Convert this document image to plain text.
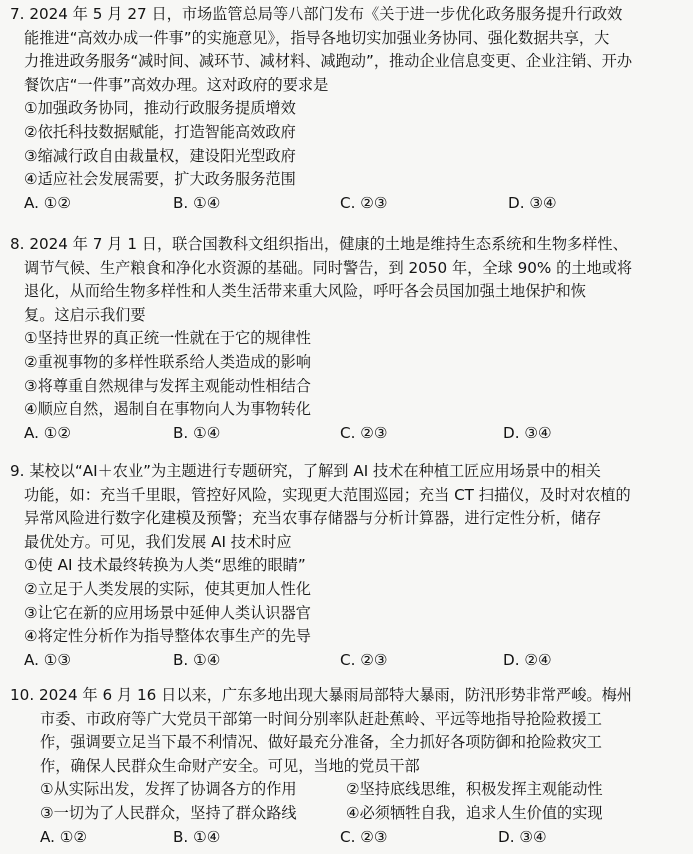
7. 2024 年 5 月 27 日，市场监管总局等八部门发布《关于进一步优化政务服务提升行政效
能推进“高效办成一件事”的实施意见》，指导各地切实加强业务协同、强化数据共享，大
力推进政务服务“减时间、减环节、减材料、减跑动”，推动企业信息变更、企业注销、开办
餐饮店“一件事”高效办理。这对政府的要求是
①加强政务协同，推动行政服务提质增效
②依托科技数据赋能，打造智能高效政府
③缩减行政自由裁量权，建设阳光型政府
④适应社会发展需要，扩大政务服务范围
A. ①②	B. ①④	C. ②③	D. ③④
8. 2024 年 7 月 1 日，联合国教科文组织指出，健康的土地是维持生态系统和生物多样性、
调节气候、生产粮食和净化水资源的基础。同时警告，到 2050 年，全球 90% 的土地或将
退化，从而给生物多样性和人类生活带来重大风险，呼吁各会员国加强土地保护和恢
复。这启示我们要
①坚持世界的真正统一性就在于它的规律性
②重视事物的多样性联系给人类造成的影响
③将尊重自然规律与发挥主观能动性相结合
④顺应自然，遏制自在事物向人为事物转化
A. ①②	B. ①④	C. ②③	D. ③④
9. 某校以“AI＋农业”为主题进行专题研究，了解到 AI 技术在种植工匠应用场景中的相关
功能，如：充当千里眼，管控好风险，实现更大范围巡园；充当 CT 扫描仪，及时对农植的
异常风险进行数字化建模及预警；充当农事存储器与分析计算器，进行定性分析，储存
最优处方。可见，我们发展 AI 技术时应
①使 AI 技术最终转换为人类“思维的眼睛”
②立足于人类发展的实际，使其更加人性化
③让它在新的应用场景中延伸人类认识器官
④将定性分析作为指导整体农事生产的先导
A. ①③	B. ①④	C. ②③	D. ②④
10. 2024 年 6 月 16 日以来，广东多地出现大暴雨局部特大暴雨，防汛形势非常严峻。梅州
市委、市政府等广大党员干部第一时间分别率队赶赴蕉岭、平远等地指导抢险救援工
作，强调要立足当下最不利情况、做好最充分准备，全力抓好各项防御和抢险救灾工
作，确保人民群众生命财产安全。可见，当地的党员干部
①从实际出发，发挥了协调各方的作用	②坚持底线思维，积极发挥主观能动性
③一切为了人民群众，坚持了群众路线	④必须牺牲自我，追求人生价值的实现
A. ①②	B. ①④	C. ②③	D. ③④
